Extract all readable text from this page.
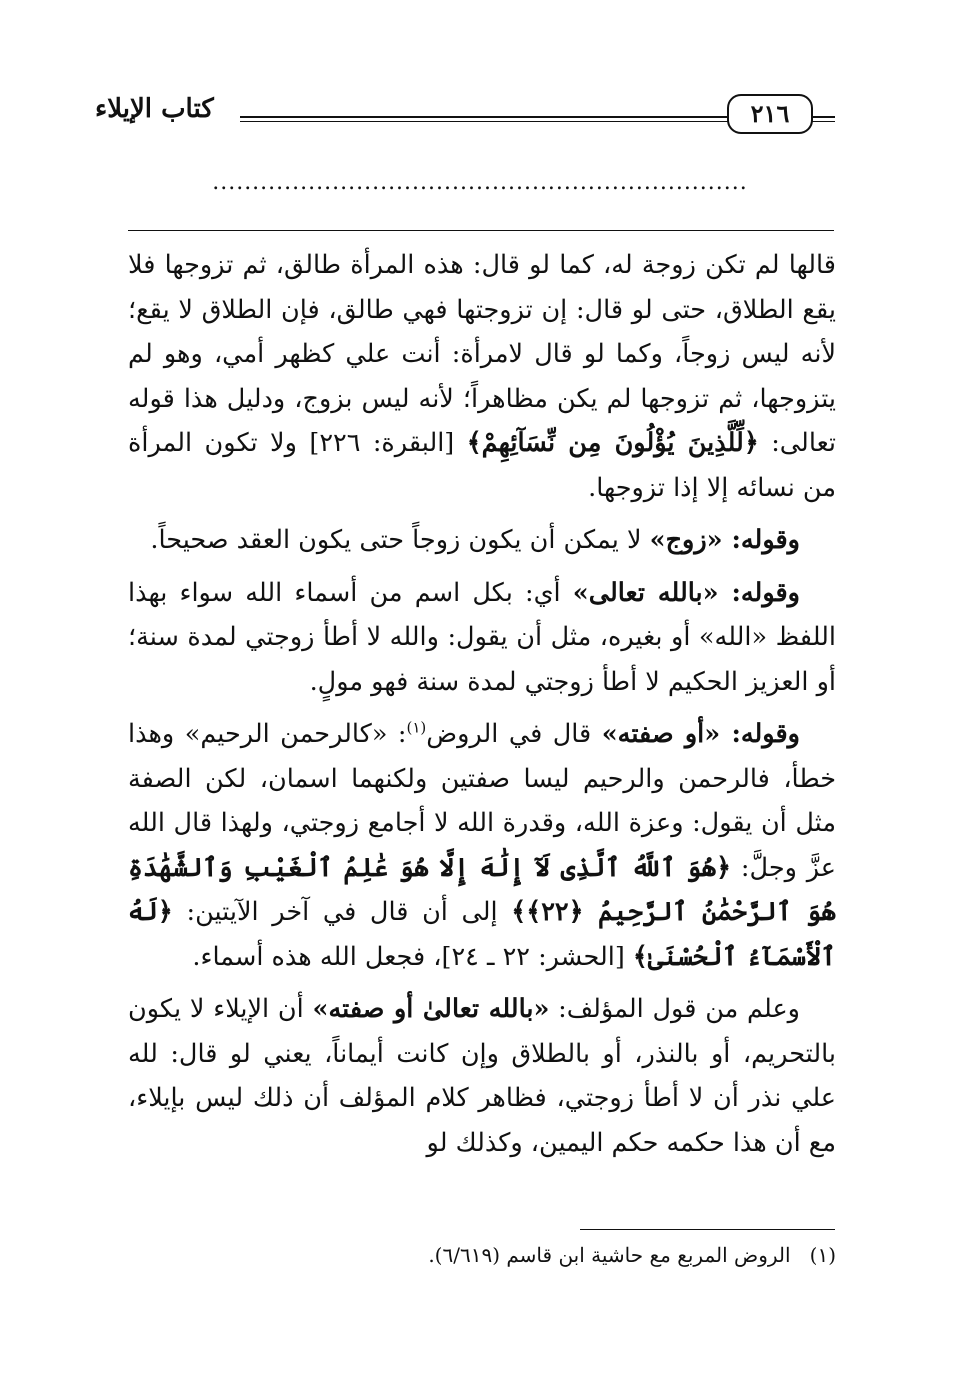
كتاب الإيلاء	٢١٦
...................................................................

قالها لم تكن زوجة له، كما لو قال: هذه المرأة طالق، ثم تزوجها فلا يقع الطلاق، حتى لو قال: إن تزوجتها فهي طالق، فإن الطلاق لا يقع؛ لأنه ليس زوجاً، وكما لو قال لامرأة: أنت علي كظهر أمي، وهو لم يتزوجها، ثم تزوجها لم يكن مظاهراً؛ لأنه ليس بزوج، ودليل هذا قوله تعالى: ﴿لِّلَّذِينَ يُؤْلُونَ مِن نِّسَآئِهِمْ﴾ [البقرة: ٢٢٦] ولا تكون المرأة من نسائه إلا إذا تزوجها.

وقوله: «زوج» لا يمكن أن يكون زوجاً حتى يكون العقد صحيحاً.

وقوله: «بالله تعالى» أي: بكل اسم من أسماء الله سواء بهذا اللفظ «الله» أو بغيره، مثل أن يقول: والله لا أطأ زوجتي لمدة سنة؛ أو العزيز الحكيم لا أطأ زوجتي لمدة سنة فهو مولٍ.

وقوله: «أو صفته» قال في الروض$^{(١)}$: «كالرحمن الرحيم» وهذا خطأ، فالرحمن والرحيم ليسا صفتين ولكنهما اسمان، لكن الصفة مثل أن يقول: وعزة الله، وقدرة الله لا أجامع زوجتي، ولهذا قال الله عزَّ وجلَّ: ﴿هُوَ ٱللَّهُ ٱلَّذِى لَآ إِلَٰهَ إِلَّا هُوَ عَٰلِمُ ٱلْغَيْبِ وَٱلشَّهَٰدَةِ هُوَ ٱلرَّحْمَٰنُ ٱلرَّحِيمُ ﴿٢٢﴾﴾ إلى أن قال في آخر الآيتين: ﴿لَهُ ٱلْأَسْمَآءُ ٱلْحُسْنَىٰ﴾ [الحشر: ٢٢ ـ ٢٤]، فجعل الله هذه أسماء.

وعلم من قول المؤلف: «بالله تعالىٰ أو صفته» أن الإيلاء لا يكون بالتحريم، أو بالنذر، أو بالطلاق وإن كانت أيماناً، يعني لو قال: لله علي نذر أن لا أطأ زوجتي، فظاهر كلام المؤلف أن ذلك ليس بإيلاء، مع أن هذا حكمه حكم اليمين، وكذلك لو

(١)   الروض المربع مع حاشية ابن قاسم (٦/٦١٩).
